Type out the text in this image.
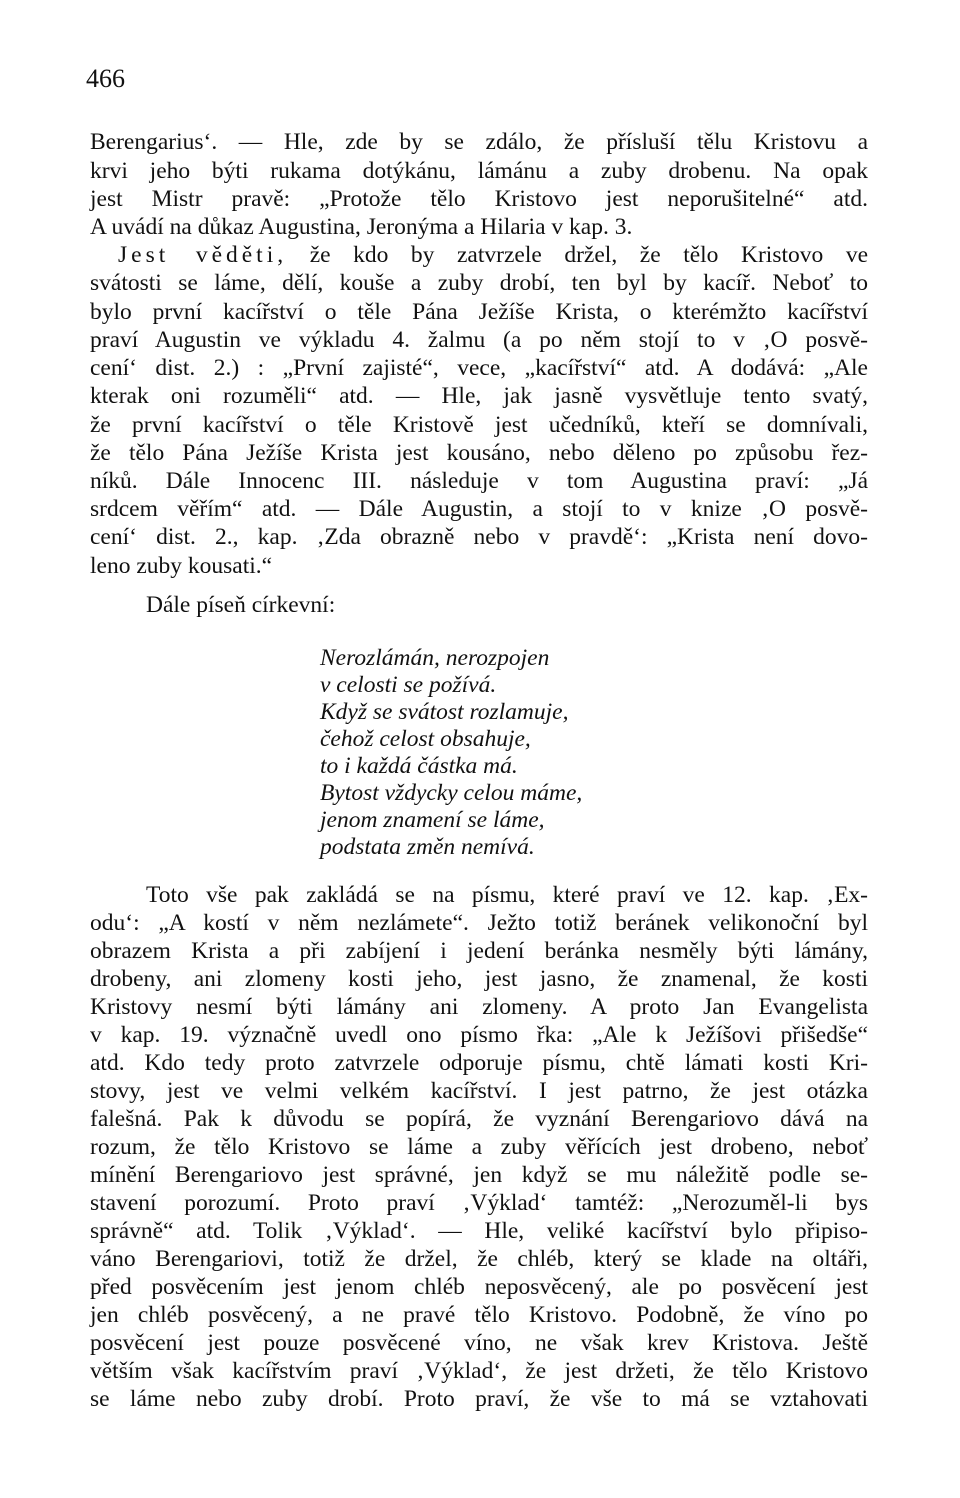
466
Berengarius‘. — Hle, zde by se zdálo, že přísluší tělu Kristovu a
krvi jeho býti rukama dotýkánu, lámánu a zuby drobenu. Na opak
jest Mistr pravě: „Protože tělo Kristovo jest neporušitelné“ atd.
A uvádí na důkaz Augustina, Jeronýma a Hilaria v kap. 3.
Jest věděti, že kdo by zatvrzele držel, že tělo Kristovo ve
svátosti se láme, dělí, kouše a zuby drobí, ten byl by kacíř. Neboť to
bylo první kacířství o těle Pána Ježíše Krista, o kterémžto kacířství
praví Augustin ve výkladu 4. žalmu (a po něm stojí to v ‚O posvě-
cení‘ dist. 2.) : „První zajisté“, vece, „kacířství“ atd. A dodává: „Ale
kterak oni rozuměli“ atd. — Hle, jak jasně vysvětluje tento svatý,
že první kacířství o těle Kristově jest učedníků, kteří se domnívali,
že tělo Pána Ježíše Krista jest kousáno, nebo děleno po způsobu řez-
níků. Dále Innocenc III. následuje v tom Augustina praví: „Já
srdcem věřím“ atd. — Dále Augustin, a stojí to v knize ‚O posvě-
cení‘ dist. 2., kap. ‚Zda obrazně nebo v pravdě‘: „Krista není dovo-
leno zuby kousati.“
Dále píseň církevní:
Nerozlámán, nerozpojen
v celosti se požívá.
Když se svátost rozlamuje,
čehož celost obsahuje,
to i každá částka má.
Bytost vždycky celou máme,
jenom znamení se láme,
podstata změn nemívá.
Toto vše pak zakládá se na písmu, které praví ve 12. kap. ‚Ex-
odu‘: „A kostí v něm nezlámete“. Ježto totiž beránek velikonoční byl
obrazem Krista a při zabíjení i jedení beránka nesměly býti lámány,
drobeny, ani zlomeny kosti jeho, jest jasno, že znamenal, že kosti
Kristovy nesmí býti lámány ani zlomeny. A proto Jan Evangelista
v kap. 19. význačně uvedl ono písmo řka: „Ale k Ježíšovi přišedše“
atd. Kdo tedy proto zatvrzele odporuje písmu, chtě lámati kosti Kri-
stovy, jest ve velmi velkém kacířství. I jest patrno, že jest otázka
falešná. Pak k důvodu se popírá, že vyznání Berengariovo dává na
rozum, že tělo Kristovo se láme a zuby věřících jest drobeno, neboť
mínění Berengariovo jest správné, jen když se mu náležitě podle se-
stavení porozumí. Proto praví ‚Výklad‘ tamtéž: „Nerozuměl-li bys
správně“ atd. Tolik ‚Výklad‘. — Hle, veliké kacířství bylo připiso-
váno Berengariovi, totiž že držel, že chléb, který se klade na oltáři,
před posvěcením jest jenom chléb neposvěcený, ale po posvěcení jest
jen chléb posvěcený, a ne pravé tělo Kristovo. Podobně, že víno po
posvěcení jest pouze posvěcené víno, ne však krev Kristova. Ještě
větším však kacířstvím praví ‚Výklad‘, že jest držeti, že tělo Kristovo
se láme nebo zuby drobí. Proto praví, že vše to má se vztahovati
